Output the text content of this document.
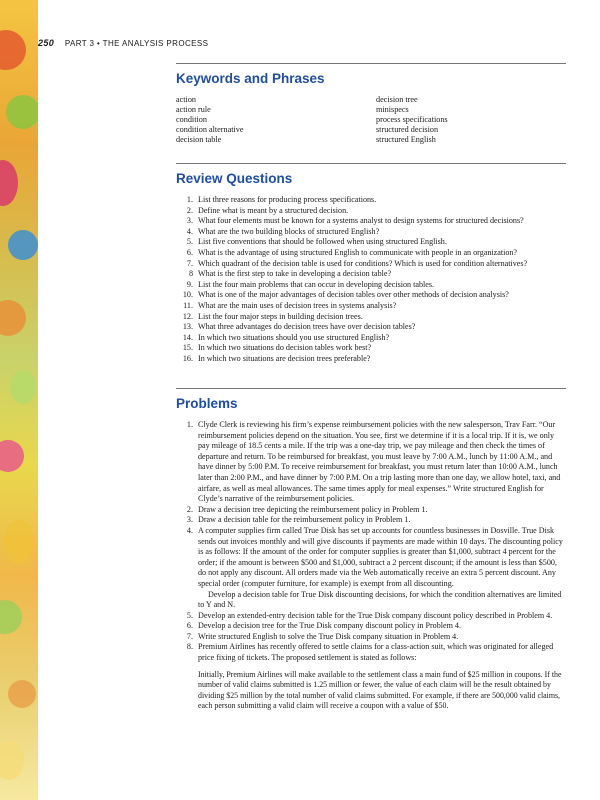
250 PART 3 • THE ANALYSIS PROCESS
Keywords and Phrases
action	decision tree
action rule	minispecs
condition	process specifications
condition alternative	structured decision
decision table	structured English
Review Questions
1. List three reasons for producing process specifications.
2. Define what is meant by a structured decision.
3. What four elements must be known for a systems analyst to design systems for structured decisions?
4. What are the two building blocks of structured English?
5. List five conventions that should be followed when using structured English.
6. What is the advantage of using structured English to communicate with people in an organization?
7. Which quadrant of the decision table is used for conditions? Which is used for condition alternatives?
8 What is the first step to take in developing a decision table?
9. List the four main problems that can occur in developing decision tables.
10. What is one of the major advantages of decision tables over other methods of decision analysis?
11. What are the main uses of decision trees in systems analysis?
12. List the four major steps in building decision trees.
13. What three advantages do decision trees have over decision tables?
14. In which two situations should you use structured English?
15. In which two situations do decision tables work best?
16. In which two situations are decision trees preferable?
Problems
1. Clyde Clerk is reviewing his firm’s expense reimbursement policies with the new salesperson, Trav Farr. “Our reimbursement policies depend on the situation. You see, first we determine if it is a local trip. If it is, we only pay mileage of 18.5 cents a mile. If the trip was a one-day trip, we pay mileage and then check the times of departure and return. To be reimbursed for breakfast, you must leave by 7:00 A.M., lunch by 11:00 A.M., and have dinner by 5:00 P.M. To receive reimbursement for breakfast, you must return later than 10:00 A.M., lunch later than 2:00 P.M., and have dinner by 7:00 P.M. On a trip lasting more than one day, we allow hotel, taxi, and airfare, as well as meal allowances. The same times apply for meal expenses.” Write structured English for Clyde’s narrative of the reimbursement policies.
2. Draw a decision tree depicting the reimbursement policy in Problem 1.
3. Draw a decision table for the reimbursement policy in Problem 1.
4. A computer supplies firm called True Disk has set up accounts for countless businesses in Dosville. True Disk sends out invoices monthly and will give discounts if payments are made within 10 days. The discounting policy is as follows: If the amount of the order for computer supplies is greater than $1,000, subtract 4 percent for the order; if the amount is between $500 and $1,000, subtract a 2 percent discount; if the amount is less than $500, do not apply any discount. All orders made via the Web automatically receive an extra 5 percent discount. Any special order (computer furniture, for example) is exempt from all discounting.
Develop a decision table for True Disk discounting decisions, for which the condition alternatives are limited to Y and N.
5. Develop an extended-entry decision table for the True Disk company discount policy described in Problem 4.
6. Develop a decision tree for the True Disk company discount policy in Problem 4.
7. Write structured English to solve the True Disk company situation in Problem 4.
8. Premium Airlines has recently offered to settle claims for a class-action suit, which was originated for alleged price fixing of tickets. The proposed settlement is stated as follows:
Initially, Premium Airlines will make available to the settlement class a main fund of $25 million in coupons. If the number of valid claims submitted is 1.25 million or fewer, the value of each claim will be the result obtained by dividing $25 million by the total number of valid claims submitted. For example, if there are 500,000 valid claims, each person submitting a valid claim will receive a coupon with a value of $50.
